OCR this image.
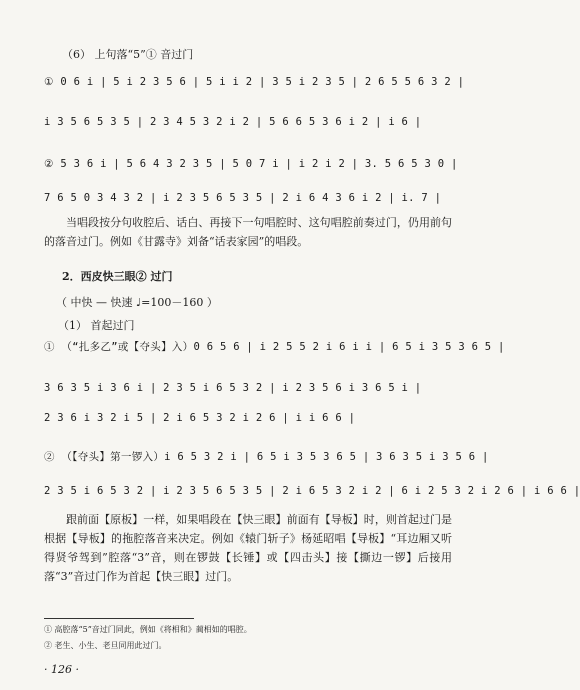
（6） 上句落“5”① 音过门
① 0 6 i | 5 i 2 3 5 6 | 5 i i 2 | 3 5 i 2 3 5 | 2 6 5 5 6 3 2 |
i 3 5 6 5 3 5 | 2 3 4 5 3 2 i 2 | 5 6 6 5 3 6 i 2 | i 6 |
② 5 3 6 i | 5 6 4 3 2 3 5 | 5 0 7 i | i 2 i 2 | 3. 5 6 5 3 0 |
7 6 5 0 3 4 3 2 | i 2 3 5 6 5 3 5 | 2 i 6 4 3 6 i 2 | i. 7 |
当唱段按分句收腔后、话白、再接下一句唱腔时、这句唱腔前奏过门，仍用前句的落音过门。例如《甘露寺》刘备“话表家园”的唱段。
2．西皮快三眼② 过门
（ 中快 — 快速 ♩=100－160 ）
（1） 首起过门
① （“扎多乙”或【夺头】入）0 6 5 6 | i 2 5 5 2 i 6 i i | 6 5 i 3 5 3 6 5 |
3 6 3 5 i 3 6 i | 2 3 5 i 6 5 3 2 | i 2 3 5 6 i 3 6 5 i |
2 3 6 i 3 2 i 5 | 2 i 6 5 3 2 i 2 6 | i i 6 6 |
② （【夺头】第一锣入）i 6 5 3 2 i | 6 5 i 3 5 3 6 5 | 3 6 3 5 i 3 5 6 |
2 3 5 i 6 5 3 2 | i 2 3 5 6 5 3 5 | 2 i 6 5 3 2 i 2 | 6 i 2 5 3 2 i 2 6 | i 6 6 |
跟前面【原板】一样，如果唱段在【快三眼】前面有【导板】时，则首起过门是根据【导板】的拖腔落音来决定。例如《辕门斩子》杨延昭唱【导板】“耳边厢又听得贤爷驾到”腔落“3”音，则在锣鼓【长锤】或【四击头】接【撕边一锣】后接用落“3”音过门作为首起【快三眼】过门。
① 高腔落“5”音过门同此，例如《将相和》蔺相如的唱腔。
② 老生、小生、老旦同用此过门。
· 126 ·
